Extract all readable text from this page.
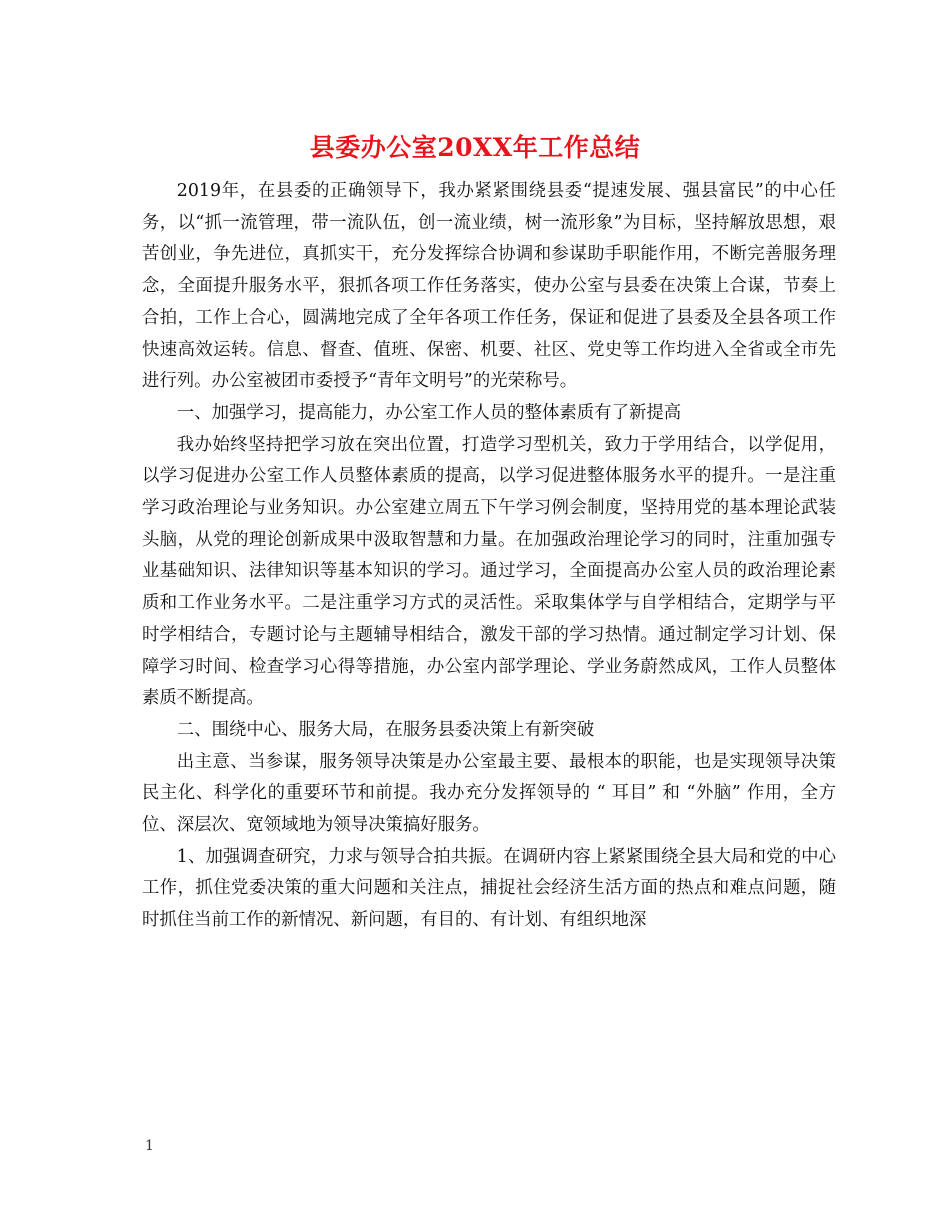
县委办公室20XX年工作总结

2019年，在县委的正确领导下，我办紧紧围绕县委“提速发展、强县富民”的中心任务，以“抓一流管理，带一流队伍，创一流业绩，树一流形象”为目标，坚持解放思想，艰苦创业，争先进位，真抓实干，充分发挥综合协调和参谋助手职能作用，不断完善服务理念，全面提升服务水平，狠抓各项工作任务落实，使办公室与县委在决策上合谋，节奏上合拍，工作上合心，圆满地完成了全年各项工作任务，保证和促进了县委及全县各项工作快速高效运转。信息、督查、值班、保密、机要、社区、党史等工作均进入全省或全市先进行列。办公室被团市委授予“青年文明号”的光荣称号。

一、加强学习，提高能力，办公室工作人员的整体素质有了新提高

我办始终坚持把学习放在突出位置，打造学习型机关，致力于学用结合，以学促用，以学习促进办公室工作人员整体素质的提高，以学习促进整体服务水平的提升。一是注重学习政治理论与业务知识。办公室建立周五下午学习例会制度，坚持用党的基本理论武装头脑，从党的理论创新成果中汲取智慧和力量。在加强政治理论学习的同时，注重加强专业基础知识、法律知识等基本知识的学习。通过学习，全面提高办公室人员的政治理论素质和工作业务水平。二是注重学习方式的灵活性。采取集体学与自学相结合，定期学与平时学相结合，专题讨论与主题辅导相结合，激发干部的学习热情。通过制定学习计划、保障学习时间、检查学习心得等措施，办公室内部学理论、学业务蔚然成风，工作人员整体素质不断提高。

二、围绕中心、服务大局，在服务县委决策上有新突破

出主意、当参谋，服务领导决策是办公室最主要、最根本的职能，也是实现领导决策民主化、科学化的重要环节和前提。我办充分发挥领导的 “ 耳目” 和 “外脑” 作用，全方位、深层次、宽领域地为领导决策搞好服务。

1、加强调查研究，力求与领导合拍共振。在调研内容上紧紧围绕全县大局和党的中心工作，抓住党委决策的重大问题和关注点，捕捉社会经济生活方面的热点和难点问题，随时抓住当前工作的新情况、新问题，有目的、有计划、有组织地深

1
